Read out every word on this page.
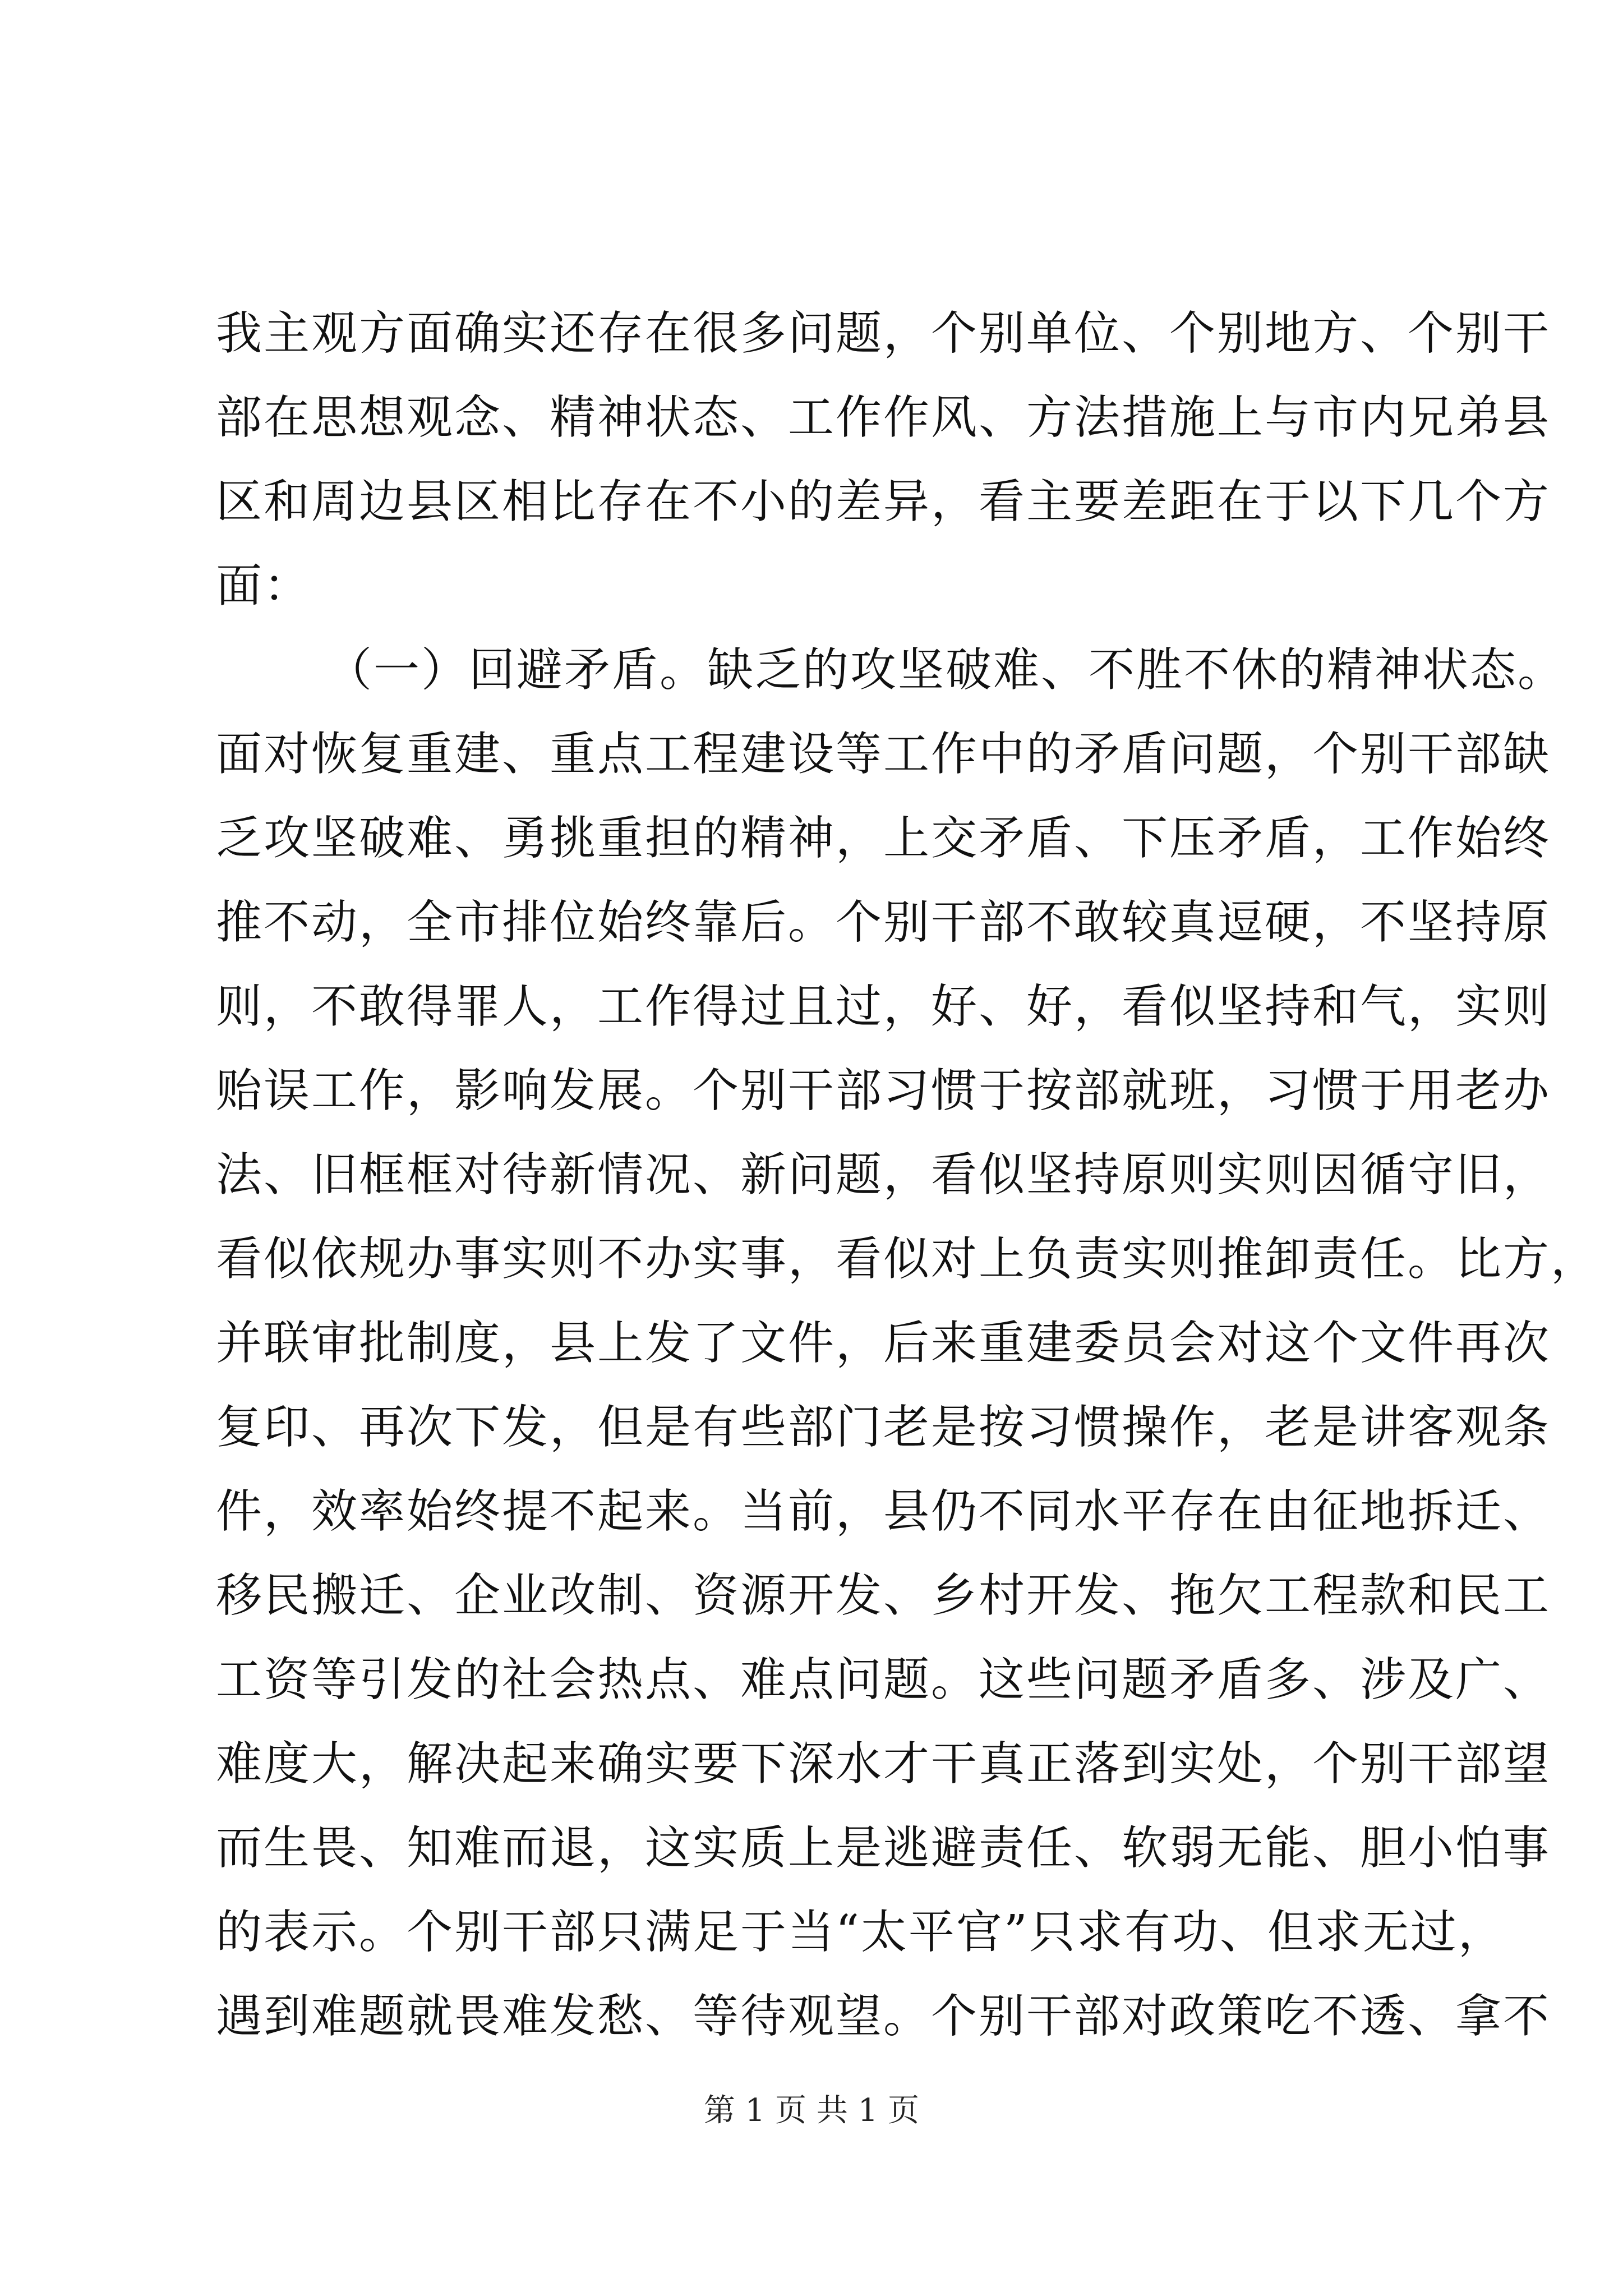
我主观方面确实还存在很多问题，个别单位、个别地方、个别干
部在思想观念、精神状态、工作作风、方法措施上与市内兄弟县
区和周边县区相比存在不小的差异，看主要差距在于以下几个方
面：
（一）回避矛盾。缺乏的攻坚破难、不胜不休的精神状态。
面对恢复重建、重点工程建设等工作中的矛盾问题，个别干部缺
乏攻坚破难、勇挑重担的精神，上交矛盾、下压矛盾，工作始终
推不动，全市排位始终靠后。个别干部不敢较真逗硬，不坚持原
则，不敢得罪人，工作得过且过，好、好，看似坚持和气，实则
贻误工作，影响发展。个别干部习惯于按部就班，习惯于用老办
法、旧框框对待新情况、新问题，看似坚持原则实则因循守旧，
看似依规办事实则不办实事，看似对上负责实则推卸责任。比方，
并联审批制度，县上发了文件，后来重建委员会对这个文件再次
复印、再次下发，但是有些部门老是按习惯操作，老是讲客观条
件，效率始终提不起来。当前，县仍不同水平存在由征地拆迁、
移民搬迁、企业改制、资源开发、乡村开发、拖欠工程款和民工
工资等引发的社会热点、难点问题。这些问题矛盾多、涉及广、
难度大，解决起来确实要下深水才干真正落到实处，个别干部望
而生畏、知难而退，这实质上是逃避责任、软弱无能、胆小怕事
的表示。个别干部只满足于当“太平官”只求有功、但求无过，
遇到难题就畏难发愁、等待观望。个别干部对政策吃不透、拿不
第 1 页 共 1 页
